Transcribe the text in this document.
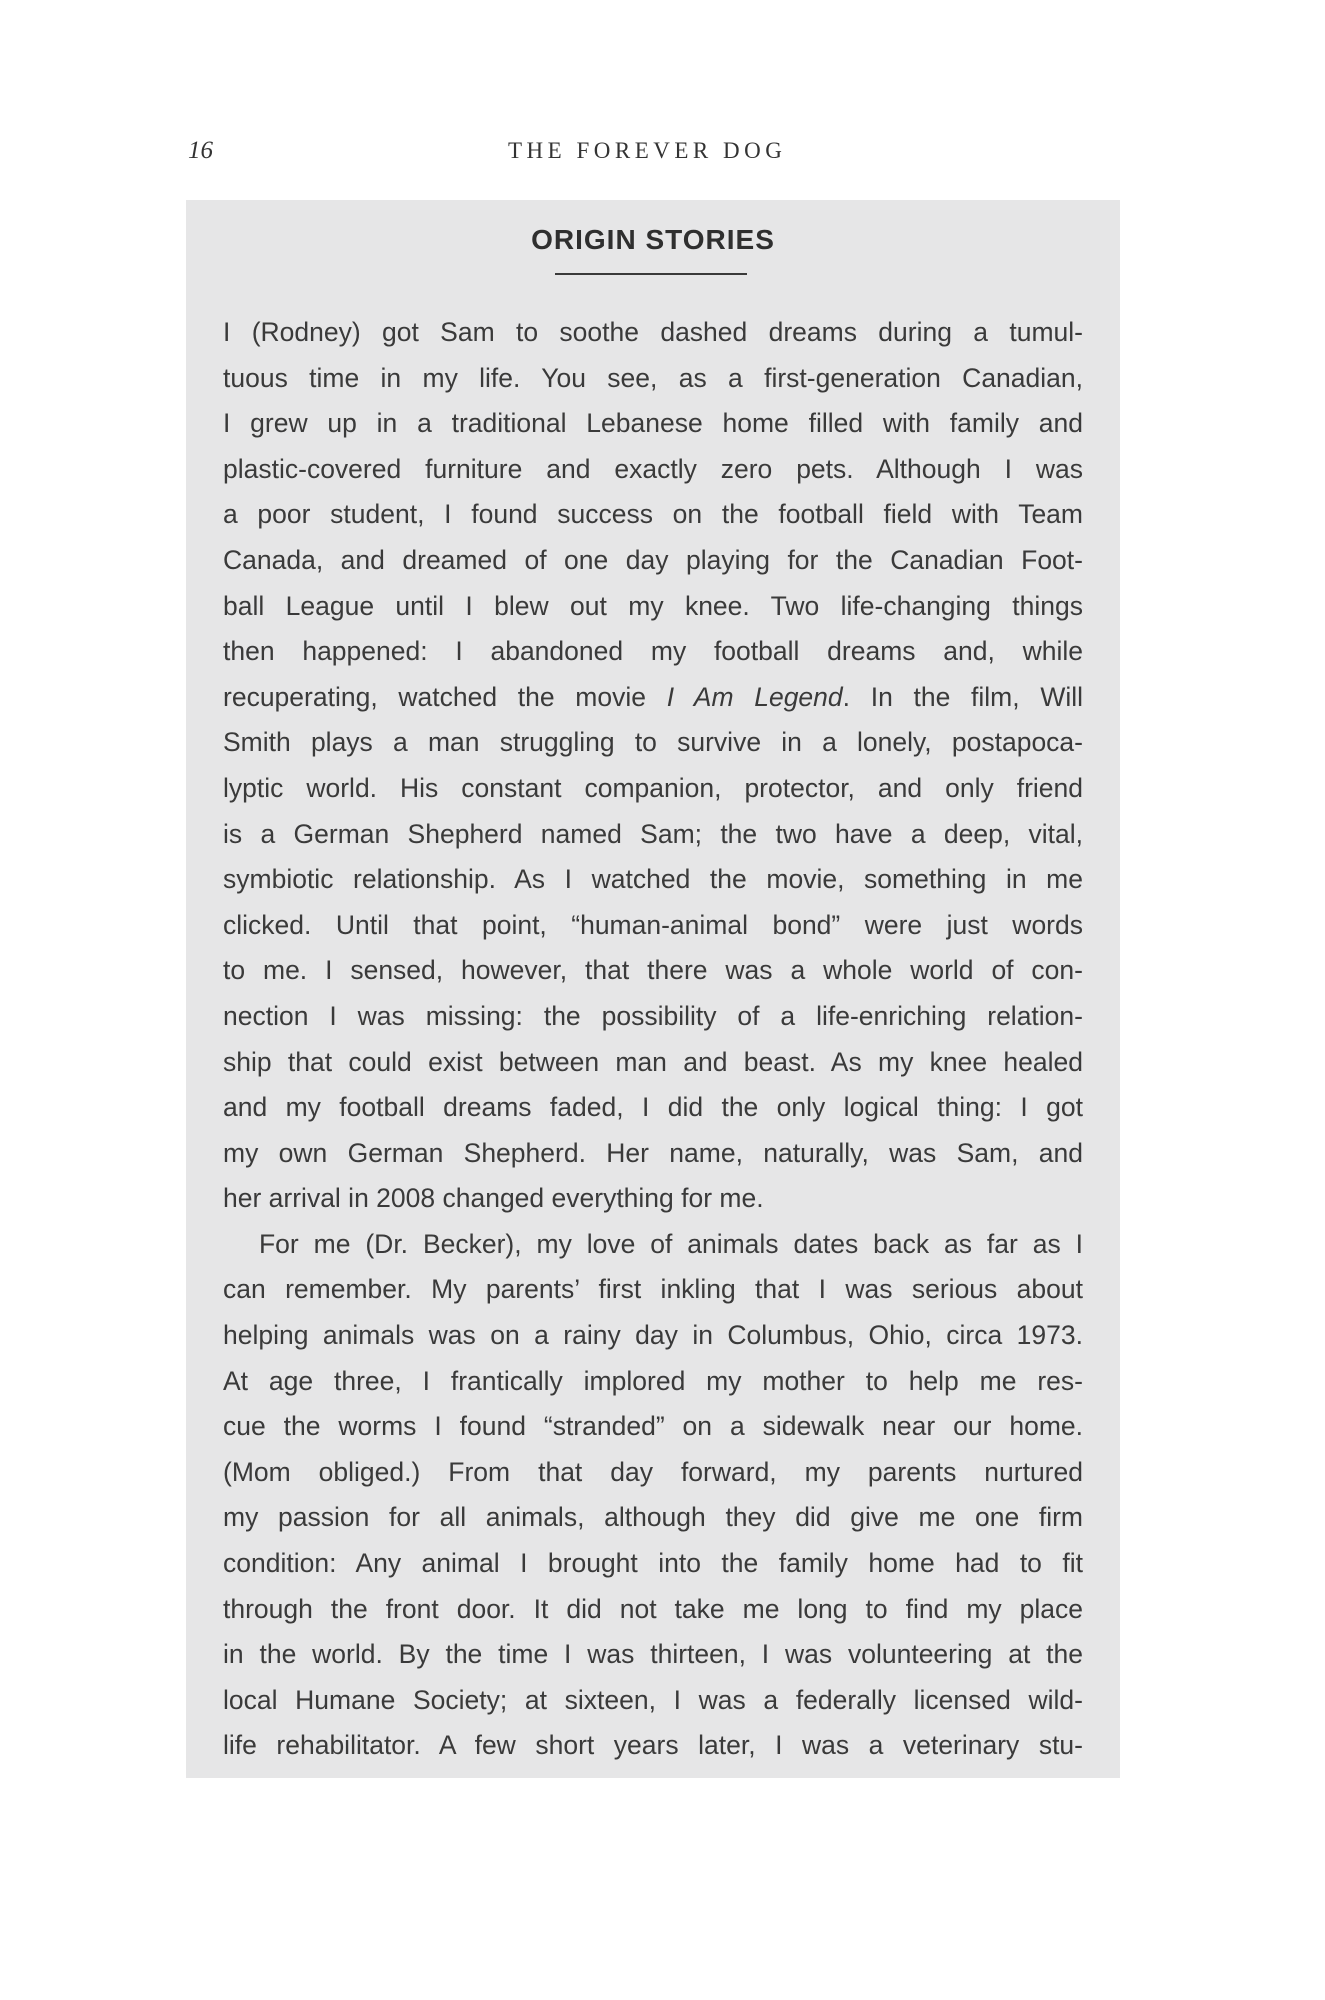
16	THE FOREVER DOG
ORIGIN STORIES
I (Rodney) got Sam to soothe dashed dreams during a tumul-
tuous time in my life. You see, as a first-generation Canadian,
I grew up in a traditional Lebanese home filled with family and
plastic-covered furniture and exactly zero pets. Although I was
a poor student, I found success on the football field with Team
Canada, and dreamed of one day playing for the Canadian Foot-
ball League until I blew out my knee. Two life-changing things
then happened: I abandoned my football dreams and, while
recuperating, watched the movie I Am Legend. In the film, Will
Smith plays a man struggling to survive in a lonely, postapoca-
lyptic world. His constant companion, protector, and only friend
is a German Shepherd named Sam; the two have a deep, vital,
symbiotic relationship. As I watched the movie, something in me
clicked. Until that point, “human-animal bond” were just words
to me. I sensed, however, that there was a whole world of con-
nection I was missing: the possibility of a life-enriching relation-
ship that could exist between man and beast. As my knee healed
and my football dreams faded, I did the only logical thing: I got
my own German Shepherd. Her name, naturally, was Sam, and
her arrival in 2008 changed everything for me.
For me (Dr. Becker), my love of animals dates back as far as I
can remember. My parents’ first inkling that I was serious about
helping animals was on a rainy day in Columbus, Ohio, circa 1973.
At age three, I frantically implored my mother to help me res-
cue the worms I found “stranded” on a sidewalk near our home.
(Mom obliged.) From that day forward, my parents nurtured
my passion for all animals, although they did give me one firm
condition: Any animal I brought into the family home had to fit
through the front door. It did not take me long to find my place
in the world. By the time I was thirteen, I was volunteering at the
local Humane Society; at sixteen, I was a federally licensed wild-
life rehabilitator. A few short years later, I was a veterinary stu-
